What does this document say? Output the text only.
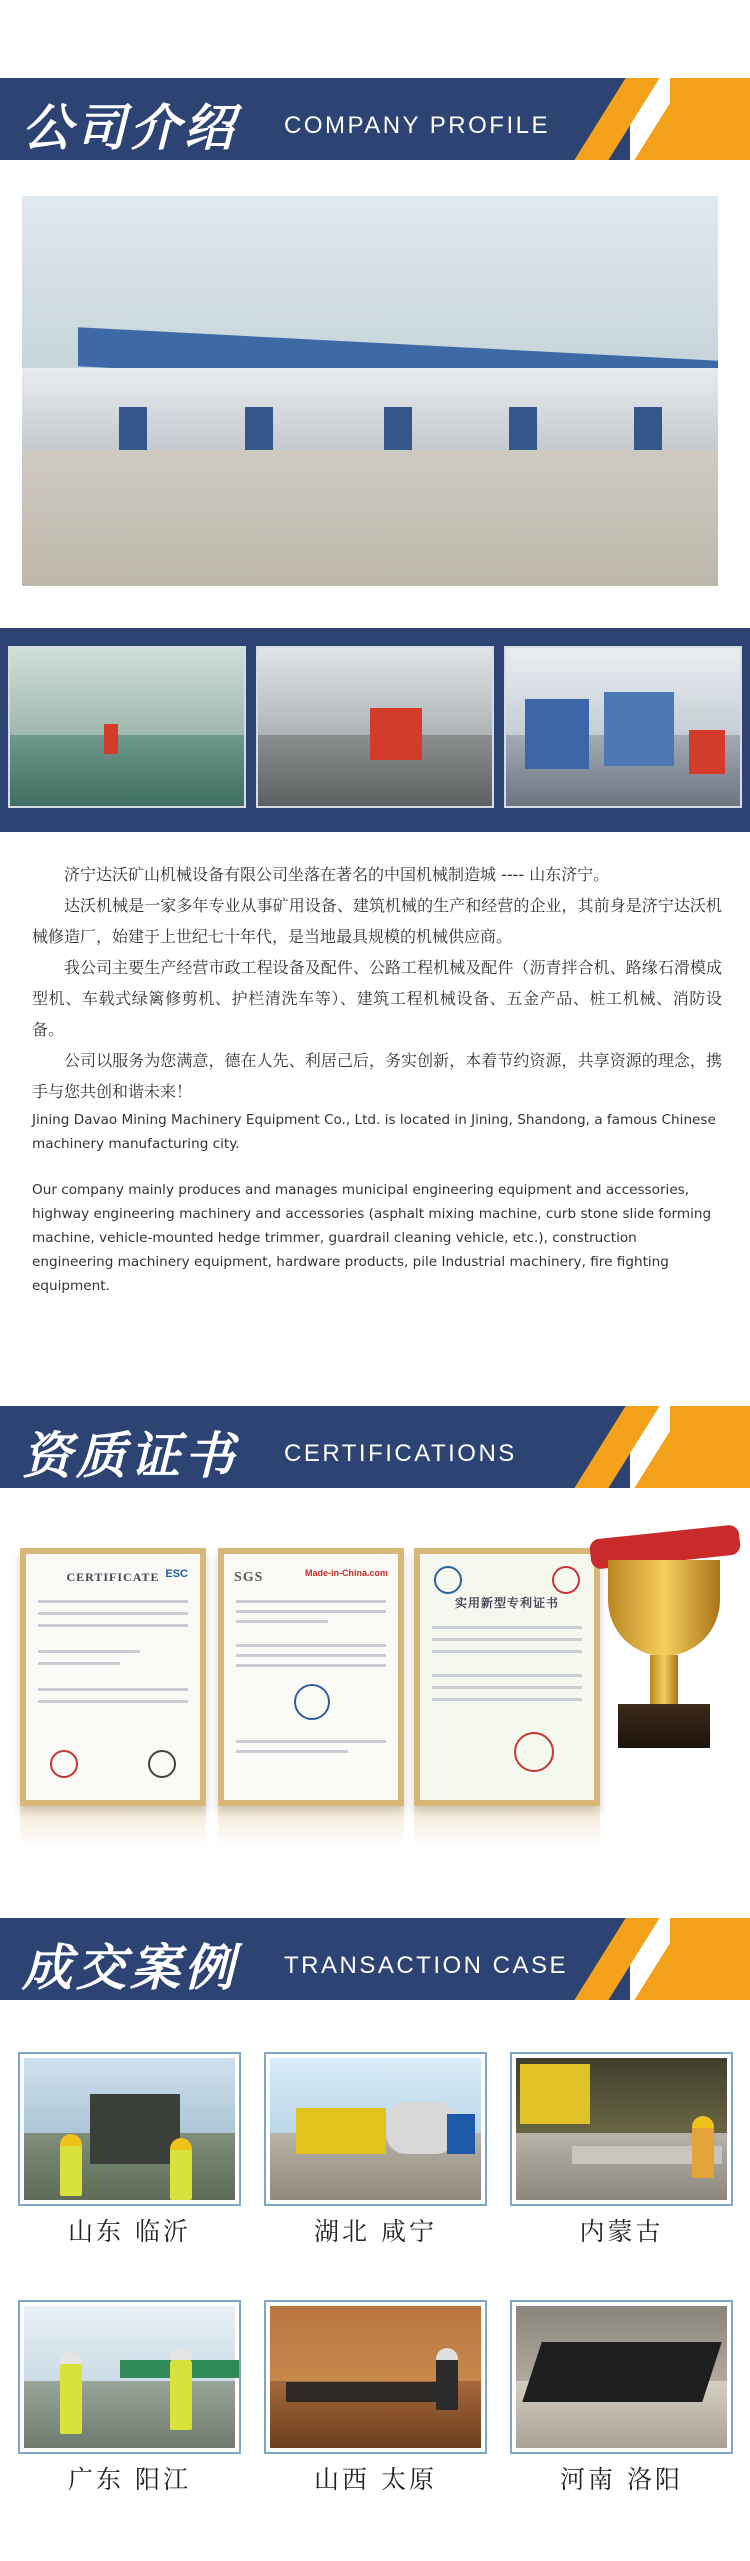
公司介绍 COMPANY PROFILE

济宁达沃矿山机械设备有限公司坐落在著名的中国机械制造城 ---- 山东济宁。

达沃机械是一家多年专业从事矿用设备、建筑机械的生产和经营的企业，其前身是济宁达沃机械修造厂，始建于上世纪七十年代，是当地最具规模的机械供应商。

我公司主要生产经营市政工程设备及配件、公路工程机械及配件（沥青拌合机、路缘石滑模成型机、车载式绿篱修剪机、护栏清洗车等）、建筑工程机械设备、五金产品、桩工机械、消防设备。

公司以服务为您满意，德在人先、利居己后，务实创新，本着节约资源，共享资源的理念，携手与您共创和谐未来！

Jining Davao Mining Machinery Equipment Co., Ltd. is located in Jining, Shandong, a famous Chinese machinery manufacturing city.

Our company mainly produces and manages municipal engineering equipment and accessories, highway engineering machinery and accessories (asphalt mixing machine, curb stone slide forming machine, vehicle-mounted hedge trimmer, guardrail cleaning vehicle, etc.), construction engineering machinery equipment, hardware products, pile Industrial machinery, fire fighting equipment.

资质证书 CERTIFICATIONS
CERTIFICATE ESC	SGS	Made-in-China.com
实用新型专利证书
成交案例 TRANSACTION CASE
山东 临沂	湖北 咸宁	内蒙古
广东 阳江	山西 太原	河南 洛阳
